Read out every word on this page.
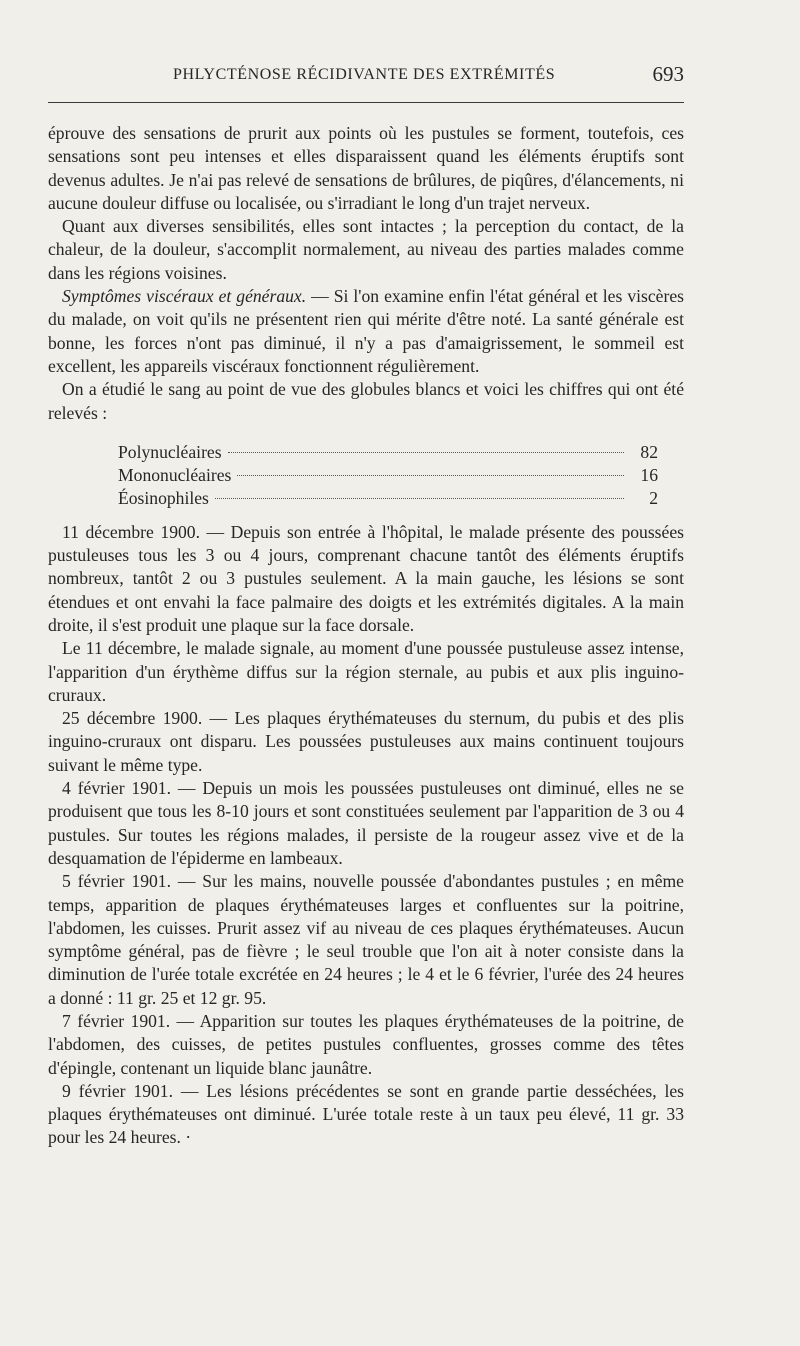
PHLYCTÉNOSE RÉCIDIVANTE DES EXTRÉMITÉS	693

éprouve des sensations de prurit aux points où les pustules se forment, toutefois, ces sensations sont peu intenses et elles disparaissent quand les éléments éruptifs sont devenus adultes. Je n'ai pas relevé de sensations de brûlures, de piqûres, d'élancements, ni aucune douleur diffuse ou localisée, ou s'irradiant le long d'un trajet nerveux.

Quant aux diverses sensibilités, elles sont intactes ; la perception du contact, de la chaleur, de la douleur, s'accomplit normalement, au niveau des parties malades comme dans les régions voisines.

Symptômes viscéraux et généraux. — Si l'on examine enfin l'état général et les viscères du malade, on voit qu'ils ne présentent rien qui mérite d'être noté. La santé générale est bonne, les forces n'ont pas diminué, il n'y a pas d'amaigrissement, le sommeil est excellent, les appareils viscéraux fonctionnent régulièrement.

On a étudié le sang au point de vue des globules blancs et voici les chiffres qui ont été relevés :

Polynucléaires	82
Mononucléaires	16
Éosinophiles	2

11 décembre 1900. — Depuis son entrée à l'hôpital, le malade présente des poussées pustuleuses tous les 3 ou 4 jours, comprenant chacune tantôt des éléments éruptifs nombreux, tantôt 2 ou 3 pustules seulement. A la main gauche, les lésions se sont étendues et ont envahi la face palmaire des doigts et les extrémités digitales. A la main droite, il s'est produit une plaque sur la face dorsale.

Le 11 décembre, le malade signale, au moment d'une poussée pustuleuse assez intense, l'apparition d'un érythème diffus sur la région sternale, au pubis et aux plis inguino-cruraux.

25 décembre 1900. — Les plaques érythémateuses du sternum, du pubis et des plis inguino-cruraux ont disparu. Les poussées pustuleuses aux mains continuent toujours suivant le même type.

4 février 1901. — Depuis un mois les poussées pustuleuses ont diminué, elles ne se produisent que tous les 8-10 jours et sont constituées seulement par l'apparition de 3 ou 4 pustules. Sur toutes les régions malades, il persiste de la rougeur assez vive et de la desquamation de l'épiderme en lambeaux.

5 février 1901. — Sur les mains, nouvelle poussée d'abondantes pustules ; en même temps, apparition de plaques érythémateuses larges et confluentes sur la poitrine, l'abdomen, les cuisses. Prurit assez vif au niveau de ces plaques érythémateuses. Aucun symptôme général, pas de fièvre ; le seul trouble que l'on ait à noter consiste dans la diminution de l'urée totale excrétée en 24 heures ; le 4 et le 6 février, l'urée des 24 heures a donné : 11 gr. 25 et 12 gr. 95.

7 février 1901. — Apparition sur toutes les plaques érythémateuses de la poitrine, de l'abdomen, des cuisses, de petites pustules confluentes, grosses comme des têtes d'épingle, contenant un liquide blanc jaunâtre.

9 février 1901. — Les lésions précédentes se sont en grande partie desséchées, les plaques érythémateuses ont diminué. L'urée totale reste à un taux peu élevé, 11 gr. 33 pour les 24 heures. ·
